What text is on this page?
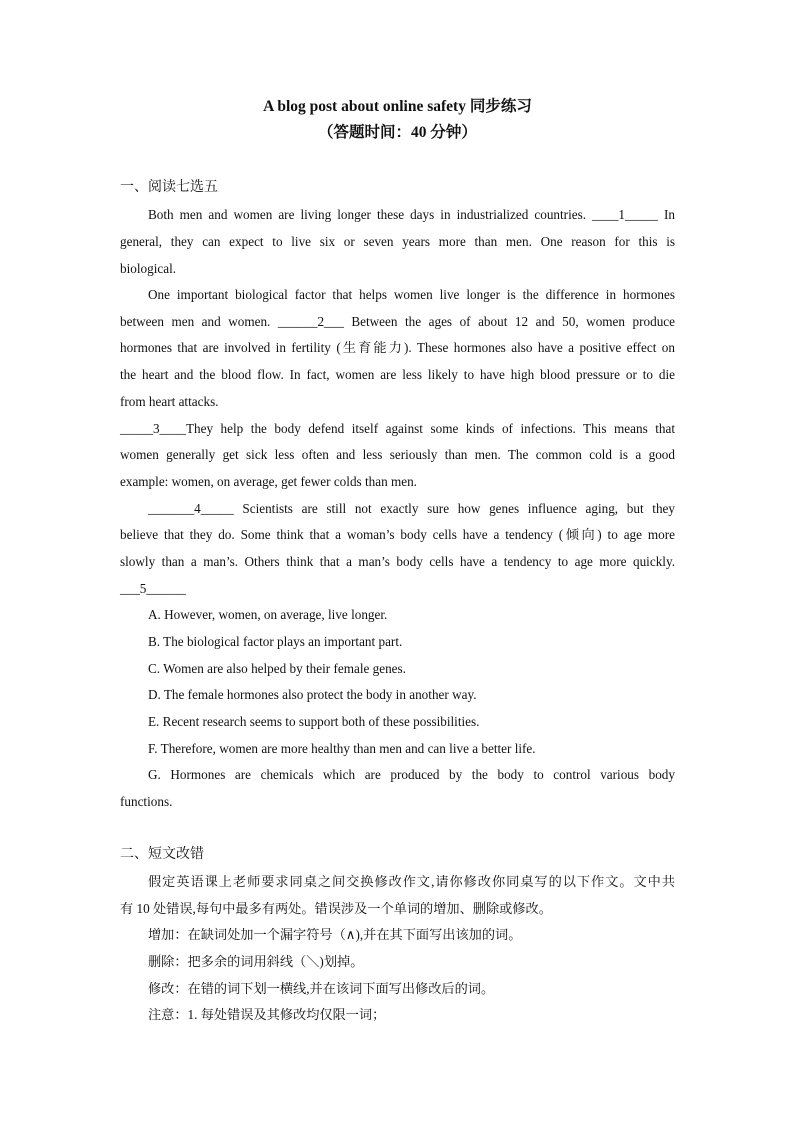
A blog post about online safety 同步练习
（答题时间：40 分钟）
一、阅读七选五
Both men and women are living longer these days in industrialized countries. ____1_____ In
general, they can expect to live six or seven years more than men. One reason for this is
biological.
One important biological factor that helps women live longer is the difference in hormones
between men and women. ______2___ Between the ages of about 12 and 50, women produce
hormones that are involved in fertility (生育能力). These hormones also have a positive effect on
the heart and the blood flow. In fact, women are less likely to have high blood pressure or to die
from heart attacks.
_____3____They help the body defend itself against some kinds of infections. This means that
women generally get sick less often and less seriously than men. The common cold is a good
example: women, on average, get fewer colds than men.
_______4_____ Scientists are still not exactly sure how genes influence aging, but they
believe that they do. Some think that a woman’s body cells have a tendency (倾向) to age more
slowly than a man’s. Others think that a man’s body cells have a tendency to age more quickly.
___5______
A. However, women, on average, live longer.
B. The biological factor plays an important part.
C. Women are also helped by their female genes.
D. The female hormones also protect the body in another way.
E. Recent research seems to support both of these possibilities.
F. Therefore, women are more healthy than men and can live a better life.
G. Hormones are chemicals which are produced by the body to control various body
functions.
二、短文改错
假定英语课上老师要求同桌之间交换修改作文,请你修改你同桌写的以下作文。文中共
有 10 处错误,每句中最多有两处。错误涉及一个单词的增加、删除或修改。
增加：在缺词处加一个漏字符号（∧),并在其下面写出该加的词。
删除：把多余的词用斜线（＼)划掉。
修改：在错的词下划一横线,并在该词下面写出修改后的词。
注意：1. 每处错误及其修改均仅限一词；
